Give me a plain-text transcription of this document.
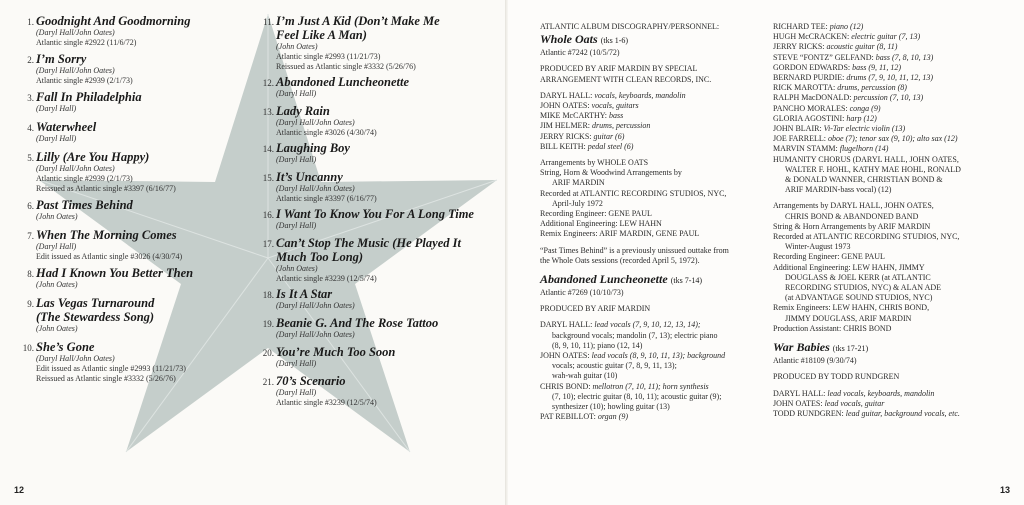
1. Goodnight And Goodmorning
(Daryl Hall/John Oates)
Atlantic single #2922 (11/6/72)
2. I’m Sorry
(Daryl Hall/John Oates)
Atlantic single #2939 (2/1/73)
3. Fall In Philadelphia
(Daryl Hall)
4. Waterwheel
(Daryl Hall)
5. Lilly (Are You Happy)
(Daryl Hall/John Oates)
Atlantic single #2939 (2/1/73)
Reissued as Atlantic single #3397 (6/16/77)
6. Past Times Behind
(John Oates)
7. When The Morning Comes
(Daryl Hall)
Edit issued as Atlantic single #3026 (4/30/74)
8. Had I Known You Better Then
(John Oates)
9. Las Vegas Turnaround
(The Stewardess Song)
(John Oates)
10. She’s Gone
(Daryl Hall/John Oates)
Edit issued as Atlantic single #2993 (11/21/73)
Reissued as Atlantic single #3332 (5/26/76)
11. I’m Just A Kid (Don’t Make Me
Feel Like A Man)
(John Oates)
Atlantic single #2993 (11/21/73)
Reissued as Atlantic single #3332 (5/26/76)
12. Abandoned Luncheonette
(Daryl Hall)
13. Lady Rain
(Daryl Hall/John Oates)
Atlantic single #3026 (4/30/74)
14. Laughing Boy
(Daryl Hall)
15. It’s Uncanny
(Daryl Hall/John Oates)
Atlantic single #3397 (6/16/77)
16. I Want To Know You For A Long Time
(Daryl Hall)
17. Can’t Stop The Music (He Played It
Much Too Long)
(John Oates)
Atlantic single #3239 (12/5/74)
18. Is It A Star
(Daryl Hall/John Oates)
19. Beanie G. And The Rose Tattoo
(Daryl Hall/John Oates)
20. You’re Much Too Soon
(Daryl Hall)
21. 70’s Scenario
(Daryl Hall)
Atlantic single #3239 (12/5/74)
12
ATLANTIC ALBUM DISCOGRAPHY/PERSONNEL:
Whole Oats (tks 1-6)
Atlantic #7242 (10/5/72)
PRODUCED BY ARIF MARDIN BY SPECIAL
ARRANGEMENT WITH CLEAN RECORDS, INC.
DARYL HALL: vocals, keyboards, mandolin
JOHN OATES: vocals, guitars
MIKE McCARTHY: bass
JIM HELMER: drums, percussion
JERRY RICKS: guitar (6)
BILL KEITH: pedal steel (6)
Arrangements by WHOLE OATS
String, Horn & Woodwind Arrangements by
ARIF MARDIN
Recorded at ATLANTIC RECORDING STUDIOS, NYC,
April-July 1972
Recording Engineer: GENE PAUL
Additional Engineering: LEW HAHN
Remix Engineers: ARIF MARDIN, GENE PAUL
“Past Times Behind” is a previously unissued outtake from
the Whole Oats sessions (recorded April 5, 1972).
Abandoned Luncheonette (tks 7-14)
Atlantic #7269 (10/10/73)
PRODUCED BY ARIF MARDIN
DARYL HALL: lead vocals (7, 9, 10, 12, 13, 14);
background vocals; mandolin (7, 13); electric piano
(8, 9, 10, 11); piano (12, 14)
JOHN OATES: lead vocals (8, 9, 10, 11, 13); background
vocals; acoustic guitar (7, 8, 9, 11, 13);
wah-wah guitar (10)
CHRIS BOND: mellotron (7, 10, 11); horn synthesis
(7, 10); electric guitar (8, 10, 11); acoustic guitar (9);
synthesizer (10); howling guitar (13)
PAT REBILLOT: organ (9)
RICHARD TEE: piano (12)
HUGH McCRACKEN: electric guitar (7, 13)
JERRY RICKS: acoustic guitar (8, 11)
STEVE “FONTZ” GELFAND: bass (7, 8, 10, 13)
GORDON EDWARDS: bass (9, 11, 12)
BERNARD PURDIE: drums (7, 9, 10, 11, 12, 13)
RICK MAROTTA: drums, percussion (8)
RALPH MacDONALD: percussion (7, 10, 13)
PANCHO MORALES: conga (9)
GLORIA AGOSTINI: harp (12)
JOHN BLAIR: Vi-Tar electric violin (13)
JOE FARRELL: oboe (7); tenor sax (9, 10); alto sax (12)
MARVIN STAMM: flugelhorn (14)
HUMANITY CHORUS (DARYL HALL, JOHN OATES,
WALTER F. HOHL, KATHY MAE HOHL, RONALD
& DONALD WANNER, CHRISTIAN BOND &
ARIF MARDIN-bass vocal) (12)
Arrangements by DARYL HALL, JOHN OATES,
CHRIS BOND & ABANDONED BAND
String & Horn Arrangements by ARIF MARDIN
Recorded at ATLANTIC RECORDING STUDIOS, NYC,
Winter-August 1973
Recording Engineer: GENE PAUL
Additional Engineering: LEW HAHN, JIMMY
DOUGLASS & JOEL KERR (at ATLANTIC
RECORDING STUDIOS, NYC) & ALAN ADE
(at ADVANTAGE SOUND STUDIOS, NYC)
Remix Engineers: LEW HAHN, CHRIS BOND,
JIMMY DOUGLASS, ARIF MARDIN
Production Assistant: CHRIS BOND
War Babies (tks 17-21)
Atlantic #18109 (9/30/74)
PRODUCED BY TODD RUNDGREN
DARYL HALL: lead vocals, keyboards, mandolin
JOHN OATES: lead vocals, guitar
TODD RUNDGREN: lead guitar, background vocals, etc.
13
